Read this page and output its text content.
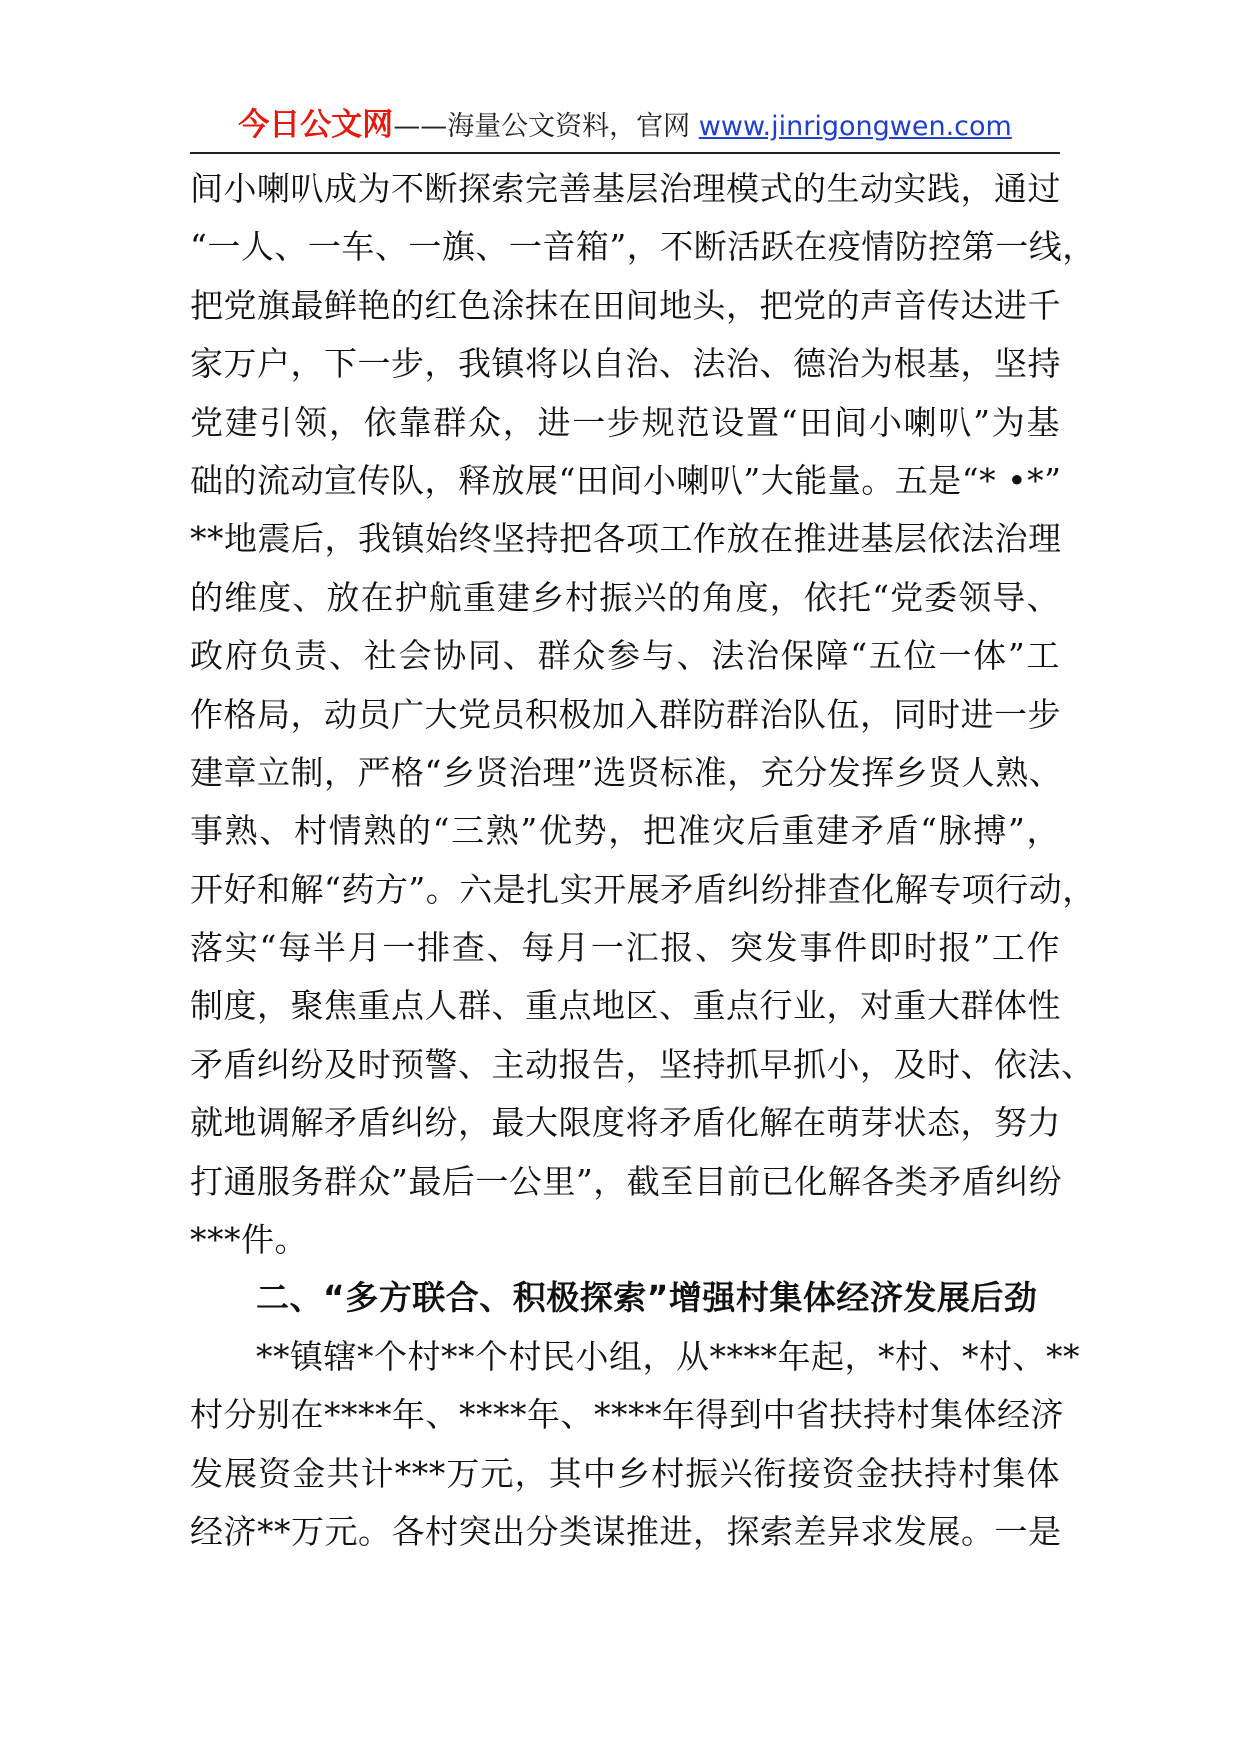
今日公文网——海量公文资料，官网 www.jinrigongwen.com
间小喇叭成为不断探索完善基层治理模式的生动实践，通过
“一人、一车、一旗、一音箱”，不断活跃在疫情防控第一线，
把党旗最鲜艳的红色涂抹在田间地头，把党的声音传达进千
家万户，下一步，我镇将以自治、法治、德治为根基，坚持
党建引领，依靠群众，进一步规范设置“田间小喇叭”为基
础的流动宣传队，释放展“田间小喇叭”大能量。五是“* •*”
**地震后，我镇始终坚持把各项工作放在推进基层依法治理
的维度、放在护航重建乡村振兴的角度，依托“党委领导、
政府负责、社会协同、群众参与、法治保障“五位一体”工
作格局，动员广大党员积极加入群防群治队伍，同时进一步
建章立制，严格“乡贤治理”选贤标准，充分发挥乡贤人熟、
事熟、村情熟的“三熟”优势，把准灾后重建矛盾“脉搏”，
开好和解“药方”。六是扎实开展矛盾纠纷排查化解专项行动，
落实“每半月一排查、每月一汇报、突发事件即时报”工作
制度，聚焦重点人群、重点地区、重点行业，对重大群体性
矛盾纠纷及时预警、主动报告，坚持抓早抓小，及时、依法、
就地调解矛盾纠纷，最大限度将矛盾化解在萌芽状态，努力
打通服务群众”最后一公里”，截至目前已化解各类矛盾纠纷
***件。
二、“多方联合、积极探索”增强村集体经济发展后劲
**镇辖*个村**个村民小组，从****年起，*村、*村、**
村分别在****年、****年、****年得到中省扶持村集体经济
发展资金共计***万元，其中乡村振兴衔接资金扶持村集体
经济**万元。各村突出分类谋推进，探索差异求发展。一是
